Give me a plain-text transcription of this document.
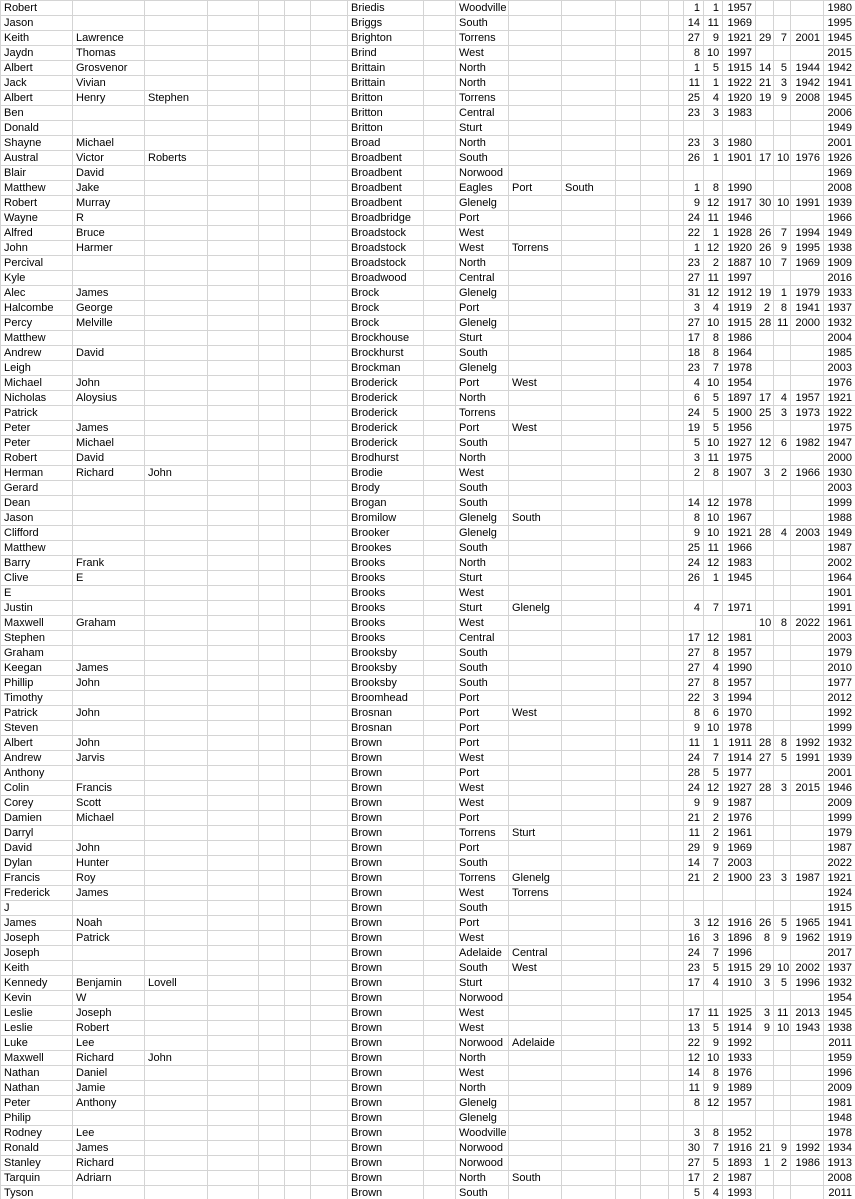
Robert							Briedis		Woodville						1	1	1957				1980
Jason							Briggs		South						14	11	1969				1995
Keith	Lawrence						Brighton		Torrens						27	9	1921	29	7	2001	1945
Jaydn	Thomas						Brind		West						8	10	1997				2015
Albert	Grosvenor						Brittain		North						1	5	1915	14	5	1944	1942
Jack	Vivian						Brittain		North						11	1	1922	21	3	1942	1941
Albert	Henry	Stephen					Britton		Torrens						25	4	1920	19	9	2008	1945
Ben							Britton		Central						23	3	1983				2006
Donald							Britton		Sturt												1949
Shayne	Michael						Broad		North						23	3	1980				2001
Austral	Victor	Roberts					Broadbent		South						26	1	1901	17	10	1976	1926
Blair	David						Broadbent		Norwood												1969
Matthew	Jake						Broadbent		Eagles	Port	South				1	8	1990				2008
Robert	Murray						Broadbent		Glenelg						9	12	1917	30	10	1991	1939
Wayne	R						Broadbridge		Port						24	11	1946				1966
Alfred	Bruce						Broadstock		West						22	1	1928	26	7	1994	1949
John	Harmer						Broadstock		West	Torrens					1	12	1920	26	9	1995	1938
Percival							Broadstock		North						23	2	1887	10	7	1969	1909
Kyle							Broadwood		Central						27	11	1997				2016
Alec	James						Brock		Glenelg						31	12	1912	19	1	1979	1933
Halcombe	George						Brock		Port						3	4	1919	2	8	1941	1937
Percy	Melville						Brock		Glenelg						27	10	1915	28	11	2000	1932
Matthew							Brockhouse		Sturt						17	8	1986				2004
Andrew	David						Brockhurst		South						18	8	1964				1985
Leigh							Brockman		Glenelg						23	7	1978				2003
Michael	John						Broderick		Port	West					4	10	1954				1976
Nicholas	Aloysius						Broderick		North						6	5	1897	17	4	1957	1921
Patrick							Broderick		Torrens						24	5	1900	25	3	1973	1922
Peter	James						Broderick		Port	West					19	5	1956				1975
Peter	Michael						Broderick		South						5	10	1927	12	6	1982	1947
Robert	David						Brodhurst		North						3	11	1975				2000
Herman	Richard	John					Brodie		West						2	8	1907	3	2	1966	1930
Gerard							Brody		South												2003
Dean							Brogan		South						14	12	1978				1999
Jason							Bromilow		Glenelg	South					8	10	1967				1988
Clifford							Brooker		Glenelg						9	10	1921	28	4	2003	1949
Matthew							Brookes		South						25	11	1966				1987
Barry	Frank						Brooks		North						24	12	1983				2002
Clive	E						Brooks		Sturt						26	1	1945				1964
E							Brooks		West												1901
Justin							Brooks		Sturt	Glenelg					4	7	1971				1991
Maxwell	Graham						Brooks		West									10	8	2022	1961
Stephen							Brooks		Central						17	12	1981				2003
Graham							Brooksby		South						27	8	1957				1979
Keegan	James						Brooksby		South						27	4	1990				2010
Phillip	John						Brooksby		South						27	8	1957				1977
Timothy							Broomhead		Port						22	3	1994				2012
Patrick	John						Brosnan		Port	West					8	6	1970				1992
Steven							Brosnan		Port						9	10	1978				1999
Albert	John						Brown		Port						11	1	1911	28	8	1992	1932
Andrew	Jarvis						Brown		West						24	7	1914	27	5	1991	1939
Anthony							Brown		Port						28	5	1977				2001
Colin	Francis						Brown		West						24	12	1927	28	3	2015	1946
Corey	Scott						Brown		West						9	9	1987				2009
Damien	Michael						Brown		Port						21	2	1976				1999
Darryl							Brown		Torrens	Sturt					11	2	1961				1979
David	John						Brown		Port						29	9	1969				1987
Dylan	Hunter						Brown		South						14	7	2003				2022
Francis	Roy						Brown		Torrens	Glenelg					21	2	1900	23	3	1987	1921
Frederick	James						Brown		West	Torrens											1924
J							Brown		South												1915
James	Noah						Brown		Port						3	12	1916	26	5	1965	1941
Joseph	Patrick						Brown		West						16	3	1896	8	9	1962	1919
Joseph							Brown		Adelaide	Central					24	7	1996				2017
Keith							Brown		South	West					23	5	1915	29	10	2002	1937
Kennedy	Benjamin	Lovell					Brown		Sturt						17	4	1910	3	5	1996	1932
Kevin	W						Brown		Norwood												1954
Leslie	Joseph						Brown		West						17	11	1925	3	11	2013	1945
Leslie	Robert						Brown		West						13	5	1914	9	10	1943	1938
Luke	Lee						Brown		Norwood	Adelaide					22	9	1992				2011
Maxwell	Richard	John					Brown		North						12	10	1933				1959
Nathan	Daniel						Brown		West						14	8	1976				1996
Nathan	Jamie						Brown		North						11	9	1989				2009
Peter	Anthony						Brown		Glenelg						8	12	1957				1981
Philip							Brown		Glenelg												1948
Rodney	Lee						Brown		Woodville						3	8	1952				1978
Ronald	James						Brown		Norwood						30	7	1916	21	9	1992	1934
Stanley	Richard						Brown		Norwood						27	5	1893	1	2	1986	1913
Tarquin	Adriarn						Brown		North	South					17	2	1987				2008
Tyson							Brown		South						5	4	1993				2011
